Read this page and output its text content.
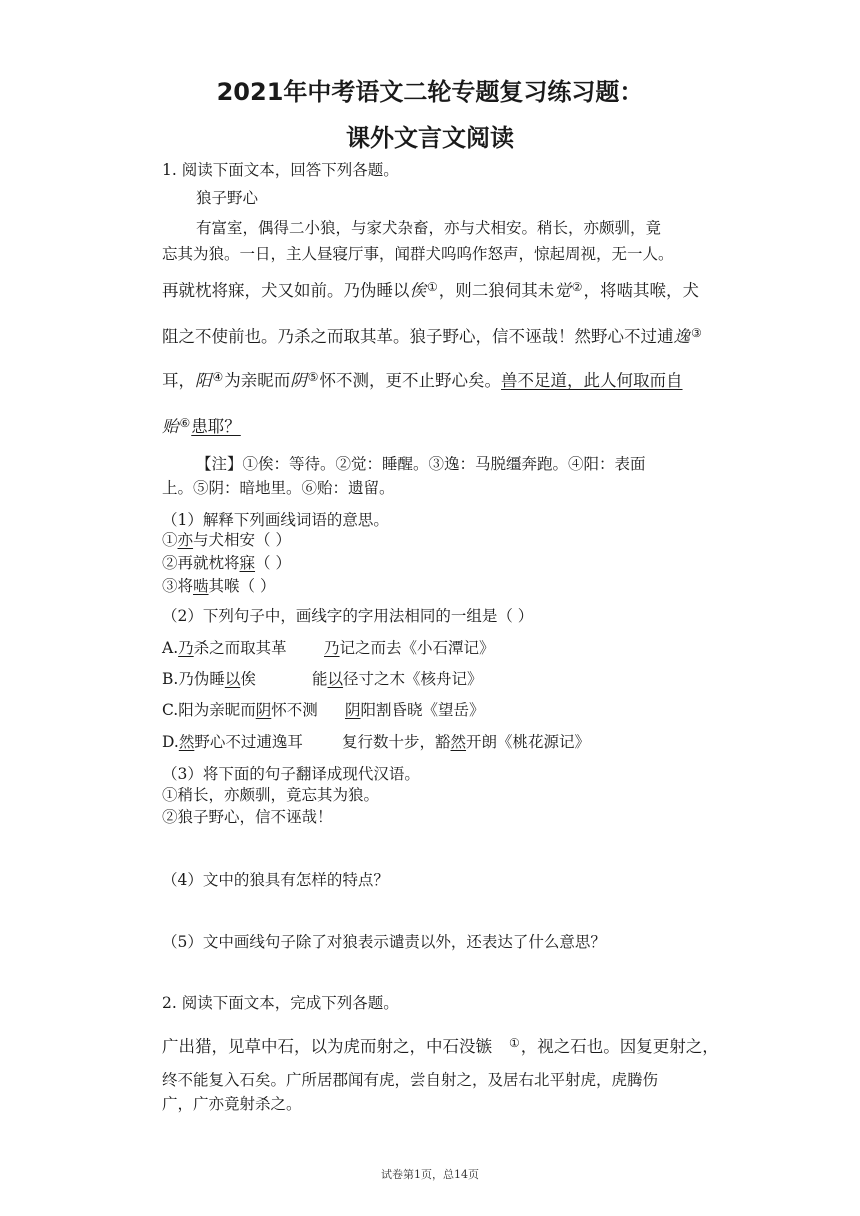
2021年中考语文二轮专题复习练习题：
课外文言文阅读
1. 阅读下面文本，回答下列各题。
狼子野心
有富室，偶得二小狼，与家犬杂畜，亦与犬相安。稍长，亦颇驯，竟
忘其为狼。一日，主人昼寝厅事，闻群犬呜呜作怒声，惊起周视，无一人。
再就枕将寐，犬又如前。乃伪睡以俟①，则二狼伺其未觉②，将啮其喉，犬
阻之不使前也。乃杀之而取其革。狼子野心，信不诬哉！然野心不过逋逸③
耳，阳④为亲昵而阴⑤怀不测，更不止野心矣。兽不足道，此人何取而自
贻⑥患耶？
【注】①俟：等待。②觉：睡醒。③逸：马脱缰奔跑。④阳：表面
上。⑤阴：暗地里。⑥贻：遗留。
（1）解释下列画线词语的意思。
①亦与犬相安（ ）
②再就枕将寐（ ）
③将啮其喉（ ）
（2）下列句子中，画线字的字用法相同的一组是（ ）
A.乃杀之而取其革 乃记之而去《小石潭记》
B.乃伪睡以俟	能以径寸之木《核舟记》
C.阳为亲昵而阴怀不测 阴阳割昏晓《望岳》
D.然野心不过逋逸耳	复行数十步，豁然开朗《桃花源记》
（3）将下面的句子翻译成现代汉语。
①稍长，亦颇驯，竟忘其为狼。
②狼子野心，信不诬哉！
（4）文中的狼具有怎样的特点？
（5）文中画线句子除了对狼表示谴责以外，还表达了什么意思？
2. 阅读下面文本，完成下列各题。
广出猎，见草中石，以为虎而射之，中石没镞 ①，视之石也。因复更射之，
终不能复入石矣。广所居郡闻有虎，尝自射之，及居右北平射虎，虎腾伤
广，广亦竟射杀之。
试卷第1页，总14页
